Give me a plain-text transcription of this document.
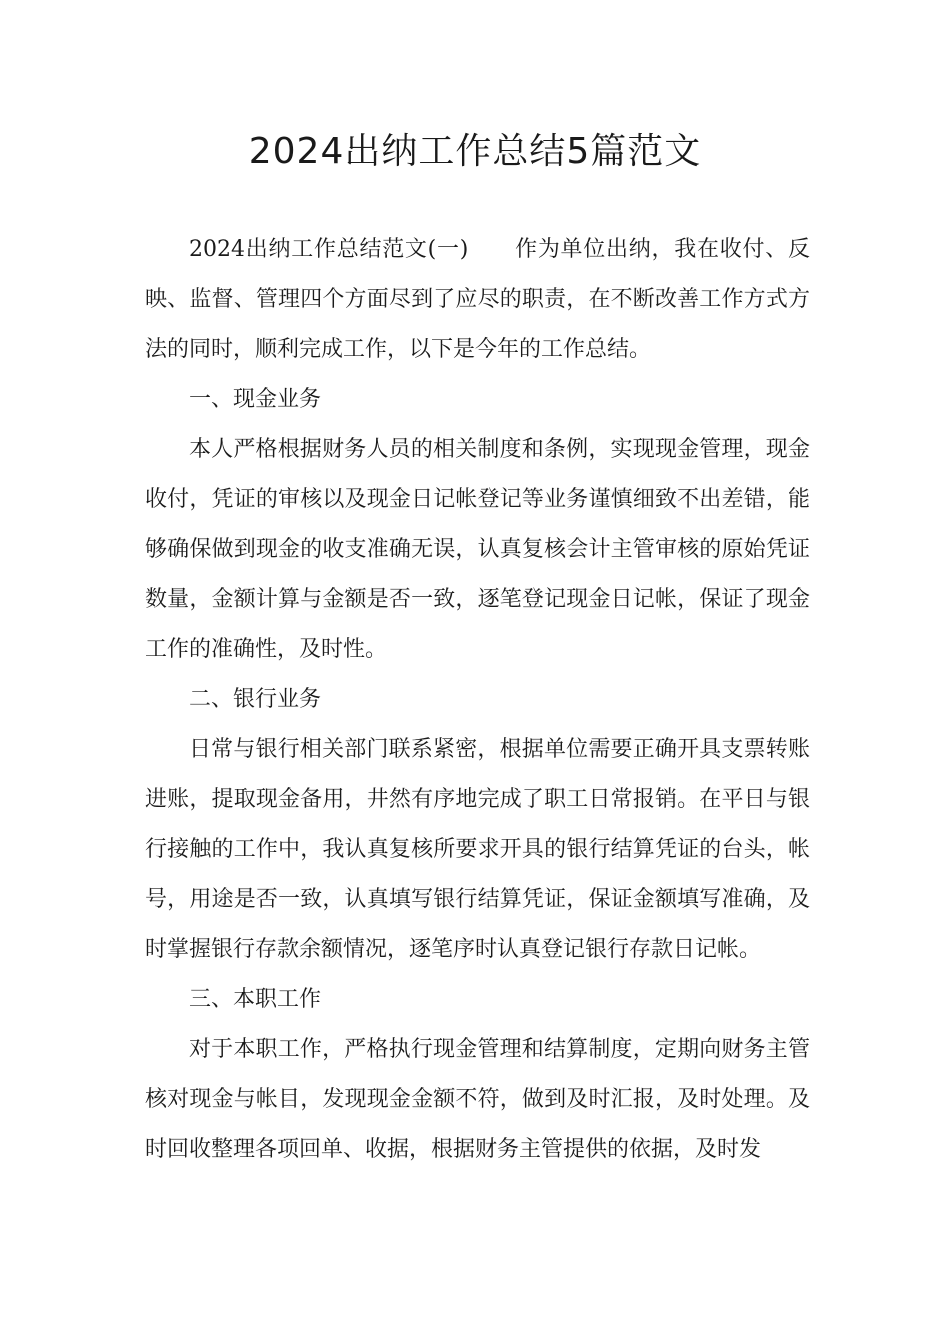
2024出纳工作总结5篇范文

2024出纳工作总结范文(一) 作为单位出纳，我在收付、反映、监督、管理四个方面尽到了应尽的职责，在不断改善工作方式方法的同时，顺利完成工作，以下是今年的工作总结。

一、现金业务

本人严格根据财务人员的相关制度和条例，实现现金管理，现金收付，凭证的审核以及现金日记帐登记等业务谨慎细致不出差错，能够确保做到现金的收支准确无误，认真复核会计主管审核的原始凭证数量，金额计算与金额是否一致，逐笔登记现金日记帐，保证了现金工作的准确性，及时性。

二、银行业务

日常与银行相关部门联系紧密，根据单位需要正确开具支票转账进账，提取现金备用，井然有序地完成了职工日常报销。在平日与银行接触的工作中，我认真复核所要求开具的银行结算凭证的台头，帐号，用途是否一致，认真填写银行结算凭证，保证金额填写准确，及时掌握银行存款余额情况，逐笔序时认真登记银行存款日记帐。

三、本职工作

对于本职工作，严格执行现金管理和结算制度，定期向财务主管核对现金与帐目，发现现金金额不符，做到及时汇报，及时处理。及时回收整理各项回单、收据，根据财务主管提供的依据，及时发
